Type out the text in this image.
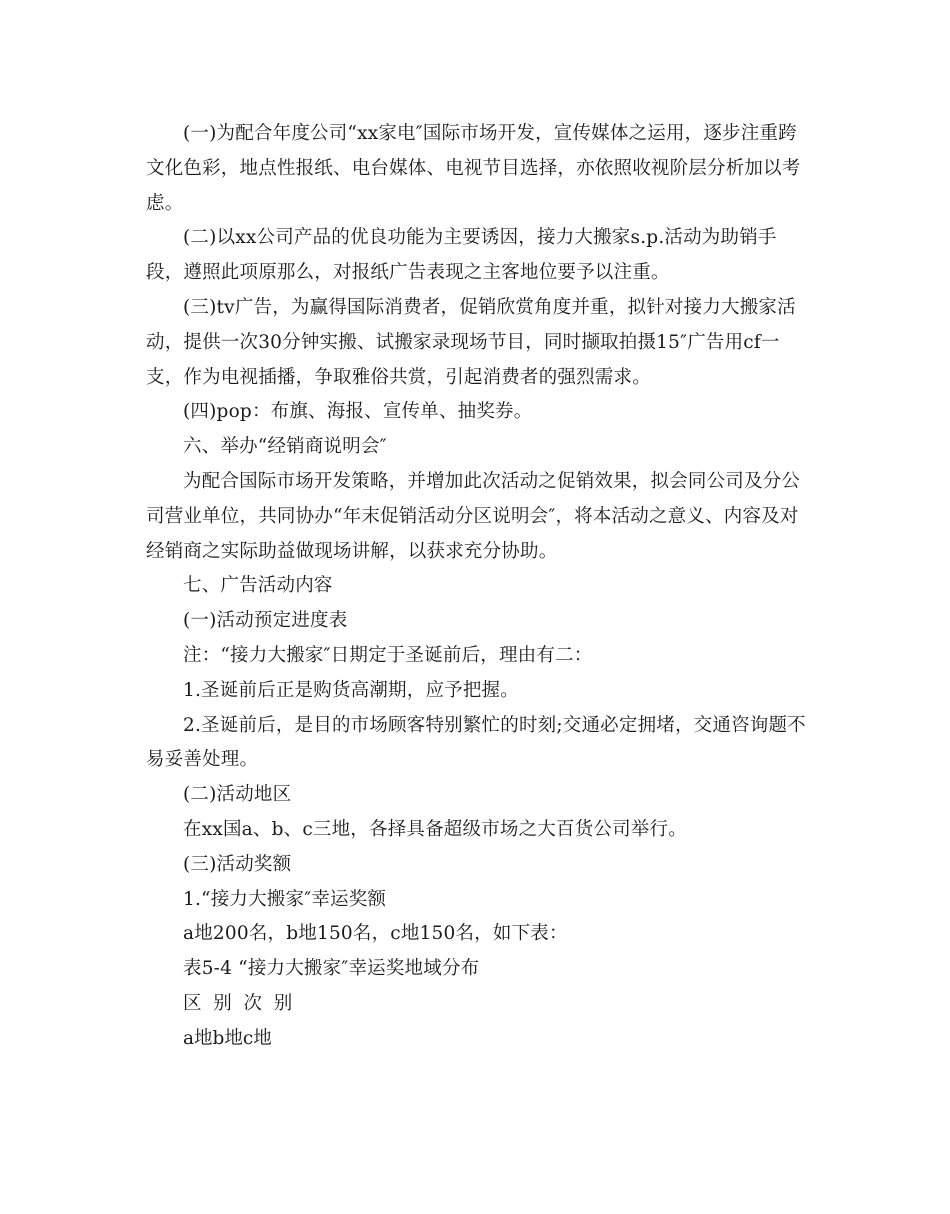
(一)为配合年度公司“xx家电″国际市场开发，宣传媒体之运用，逐步注重跨文化色彩，地点性报纸、电台媒体、电视节目选择，亦依照收视阶层分析加以考虑。

(二)以xx公司产品的优良功能为主要诱因，接力大搬家s.p.活动为助销手段，遵照此项原那么，对报纸广告表现之主客地位要予以注重。

(三)tv广告，为赢得国际消费者，促销欣赏角度并重，拟针对接力大搬家活动，提供一次30分钟实搬、试搬家录现场节目，同时撷取拍摄15″广告用cf一支，作为电视插播，争取雅俗共赏，引起消费者的强烈需求。

(四)pop：布旗、海报、宣传单、抽奖券。

六、举办“经销商说明会″

为配合国际市场开发策略，并增加此次活动之促销效果，拟会同公司及分公司营业单位，共同协办“年末促销活动分区说明会″，将本活动之意义、内容及对经销商之实际助益做现场讲解，以获求充分协助。

七、广告活动内容

(一)活动预定进度表

注：“接力大搬家″日期定于圣诞前后，理由有二：

1.圣诞前后正是购货高潮期，应予把握。

2.圣诞前后，是目的市场顾客特别繁忙的时刻;交通必定拥堵，交通咨询题不易妥善处理。

(二)活动地区

在xx国a、b、c三地，各择具备超级市场之大百货公司举行。

(三)活动奖额

1.“接力大搬家″幸运奖额

a地200名，b地150名，c地150名，如下表：

表5-4 “接力大搬家″幸运奖地域分布

区  别  次  别

a地b地c地
